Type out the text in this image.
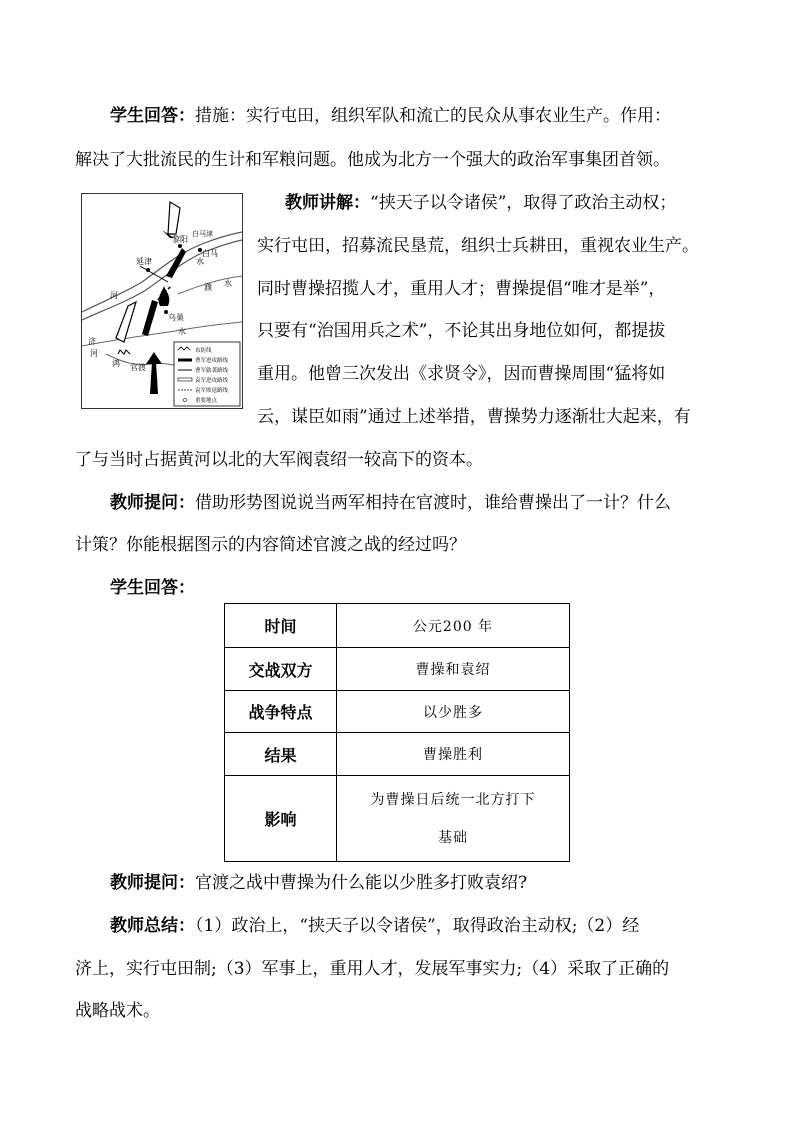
学生回答：措施：实行屯田，组织军队和流亡的民众从事农业生产。作用：
解决了大批流民的生计和军粮问题。他成为北方一个强大的政治军事集团首领。
黎阳
白马津
白马
延津
乌巢
官渡
河
水
濮 水
水
济
河
鸿
水
布防线
曹军进攻路线
曹军偷袭路线
袁军进攻路线
袁军败退路线
重要地点
教师讲解：“挟天子以令诸侯”，取得了政治主动权；
实行屯田，招募流民垦荒，组织士兵耕田，重视农业生产。
同时曹操招揽人才，重用人才；曹操提倡“唯才是举”，
只要有“治国用兵之术”，不论其出身地位如何，都提拔
重用。他曾三次发出《求贤令》，因而曹操周围“猛将如
云，谋臣如雨”通过上述举措，曹操势力逐渐壮大起来，有
了与当时占据黄河以北的大军阀袁绍一较高下的资本。
教师提问：借助形势图说说当两军相持在官渡时，谁给曹操出了一计？什么
计策？你能根据图示的内容简述官渡之战的经过吗？
学生回答：
时间	公元200 年
交战双方	曹操和袁绍
战争特点	以少胜多
结果	曹操胜利
影响	为曹操日后统一北方打下
基础
教师提问：官渡之战中曹操为什么能以少胜多打败袁绍?
教师总结：（1）政治上，“挟天子以令诸侯”，取得政治主动权;（2）经
济上，实行屯田制;（3）军事上，重用人才，发展军事实力;（4）采取了正确的
战略战术。
